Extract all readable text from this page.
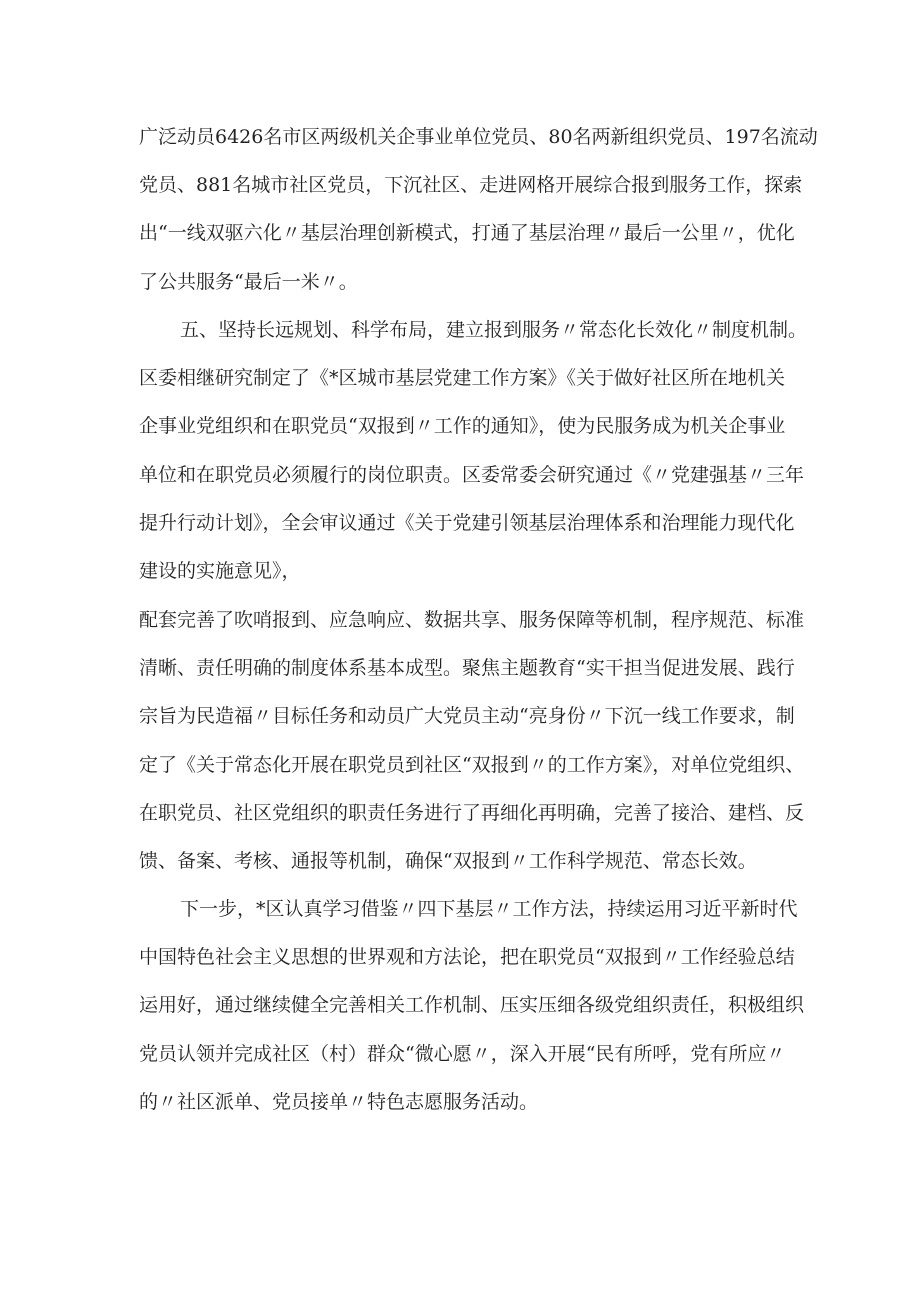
广泛动员6426名市区两级机关企事业单位党员、80名两新组织党员、197名流动
党员、881名城市社区党员，下沉社区、走进网格开展综合报到服务工作，探索
出“一线双驱六化〃基层治理创新模式，打通了基层治理〃最后一公里〃，优化
了公共服务“最后一米〃。
五、坚持长远规划、科学布局，建立报到服务〃常态化长效化〃制度机制。
区委相继研究制定了《*区城市基层党建工作方案》《关于做好社区所在地机关
企事业党组织和在职党员“双报到〃工作的通知》，使为民服务成为机关企事业
单位和在职党员必须履行的岗位职责。区委常委会研究通过《〃党建强基〃三年
提升行动计划》，全会审议通过《关于党建引领基层治理体系和治理能力现代化
建设的实施意见》，
配套完善了吹哨报到、应急响应、数据共享、服务保障等机制，程序规范、标准
清晰、责任明确的制度体系基本成型。聚焦主题教育“实干担当促进发展、践行
宗旨为民造福〃目标任务和动员广大党员主动“亮身份〃下沉一线工作要求，制
定了《关于常态化开展在职党员到社区“双报到〃的工作方案》，对单位党组织、
在职党员、社区党组织的职责任务进行了再细化再明确，完善了接洽、建档、反
馈、备案、考核、通报等机制，确保“双报到〃工作科学规范、常态长效。
下一步，*区认真学习借鉴〃四下基层〃工作方法，持续运用习近平新时代
中国特色社会主义思想的世界观和方法论，把在职党员“双报到〃工作经验总结
运用好，通过继续健全完善相关工作机制、压实压细各级党组织责任，积极组织
党员认领并完成社区（村）群众“微心愿〃，深入开展“民有所呼，党有所应〃
的〃社区派单、党员接单〃特色志愿服务活动。
